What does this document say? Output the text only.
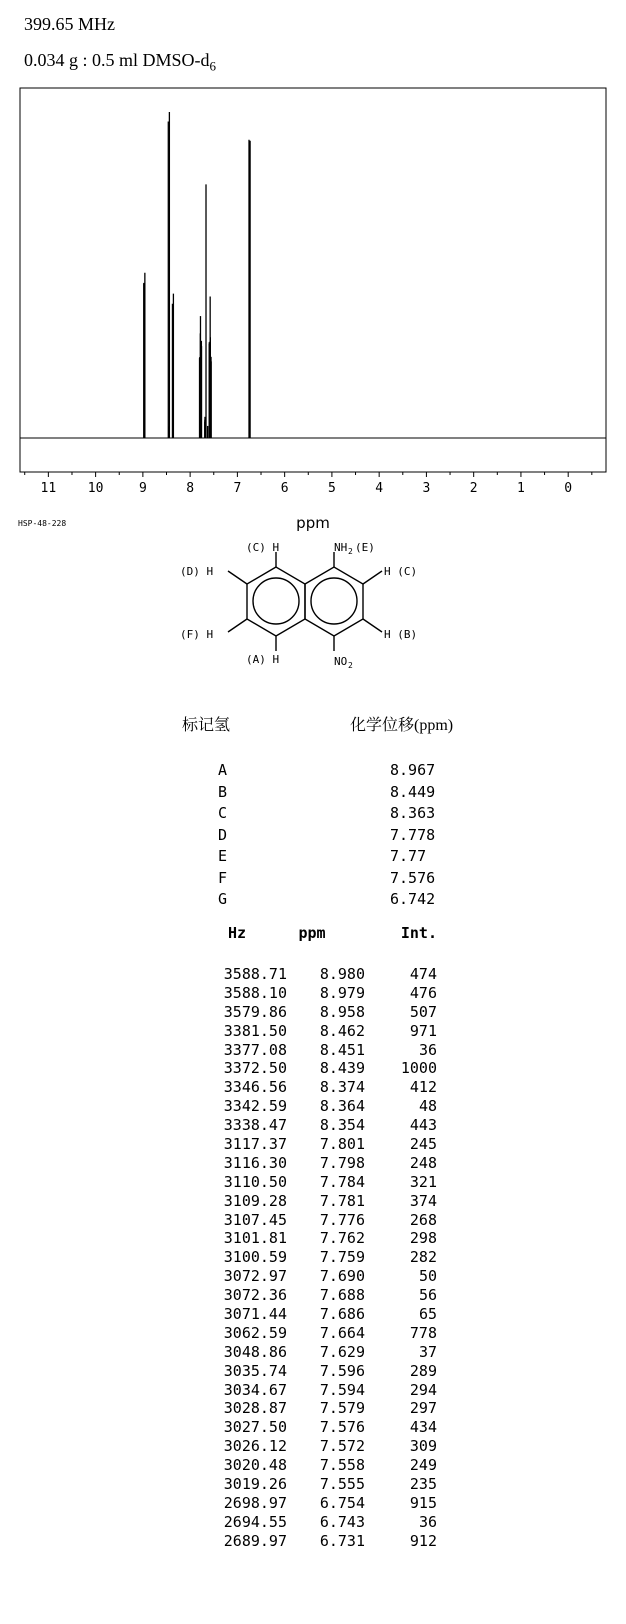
399.65 MHz
0.034 g : 0.5 ml DMSO-$d_6$
11 10	9	8	7	6	5	4	3	2	1	0
ppm
HSP-48-228
(C) H	NH 2 (E)
(D) H	H (C)
(F) H	H (B)
(A) H	NO 2
标记氢	化学位移(ppm)
A	8.967
B	8.449
C	8.363
D	7.778
E	7.77
F	7.576
G	6.742
Hz	ppm	Int.
3588.71	8.980	474
3588.10	8.979	476
3579.86	8.958	507
3381.50	8.462	971
3377.08	8.451	36
3372.50	8.439	1000
3346.56	8.374	412
3342.59	8.364	48
3338.47	8.354	443
3117.37	7.801	245
3116.30	7.798	248
3110.50	7.784	321
3109.28	7.781	374
3107.45	7.776	268
3101.81	7.762	298
3100.59	7.759	282
3072.97	7.690	50
3072.36	7.688	56
3071.44	7.686	65
3062.59	7.664	778
3048.86	7.629	37
3035.74	7.596	289
3034.67	7.594	294
3028.87	7.579	297
3027.50	7.576	434
3026.12	7.572	309
3020.48	7.558	249
3019.26	7.555	235
2698.97	6.754	915
2694.55	6.743	36
2689.97	6.731	912
